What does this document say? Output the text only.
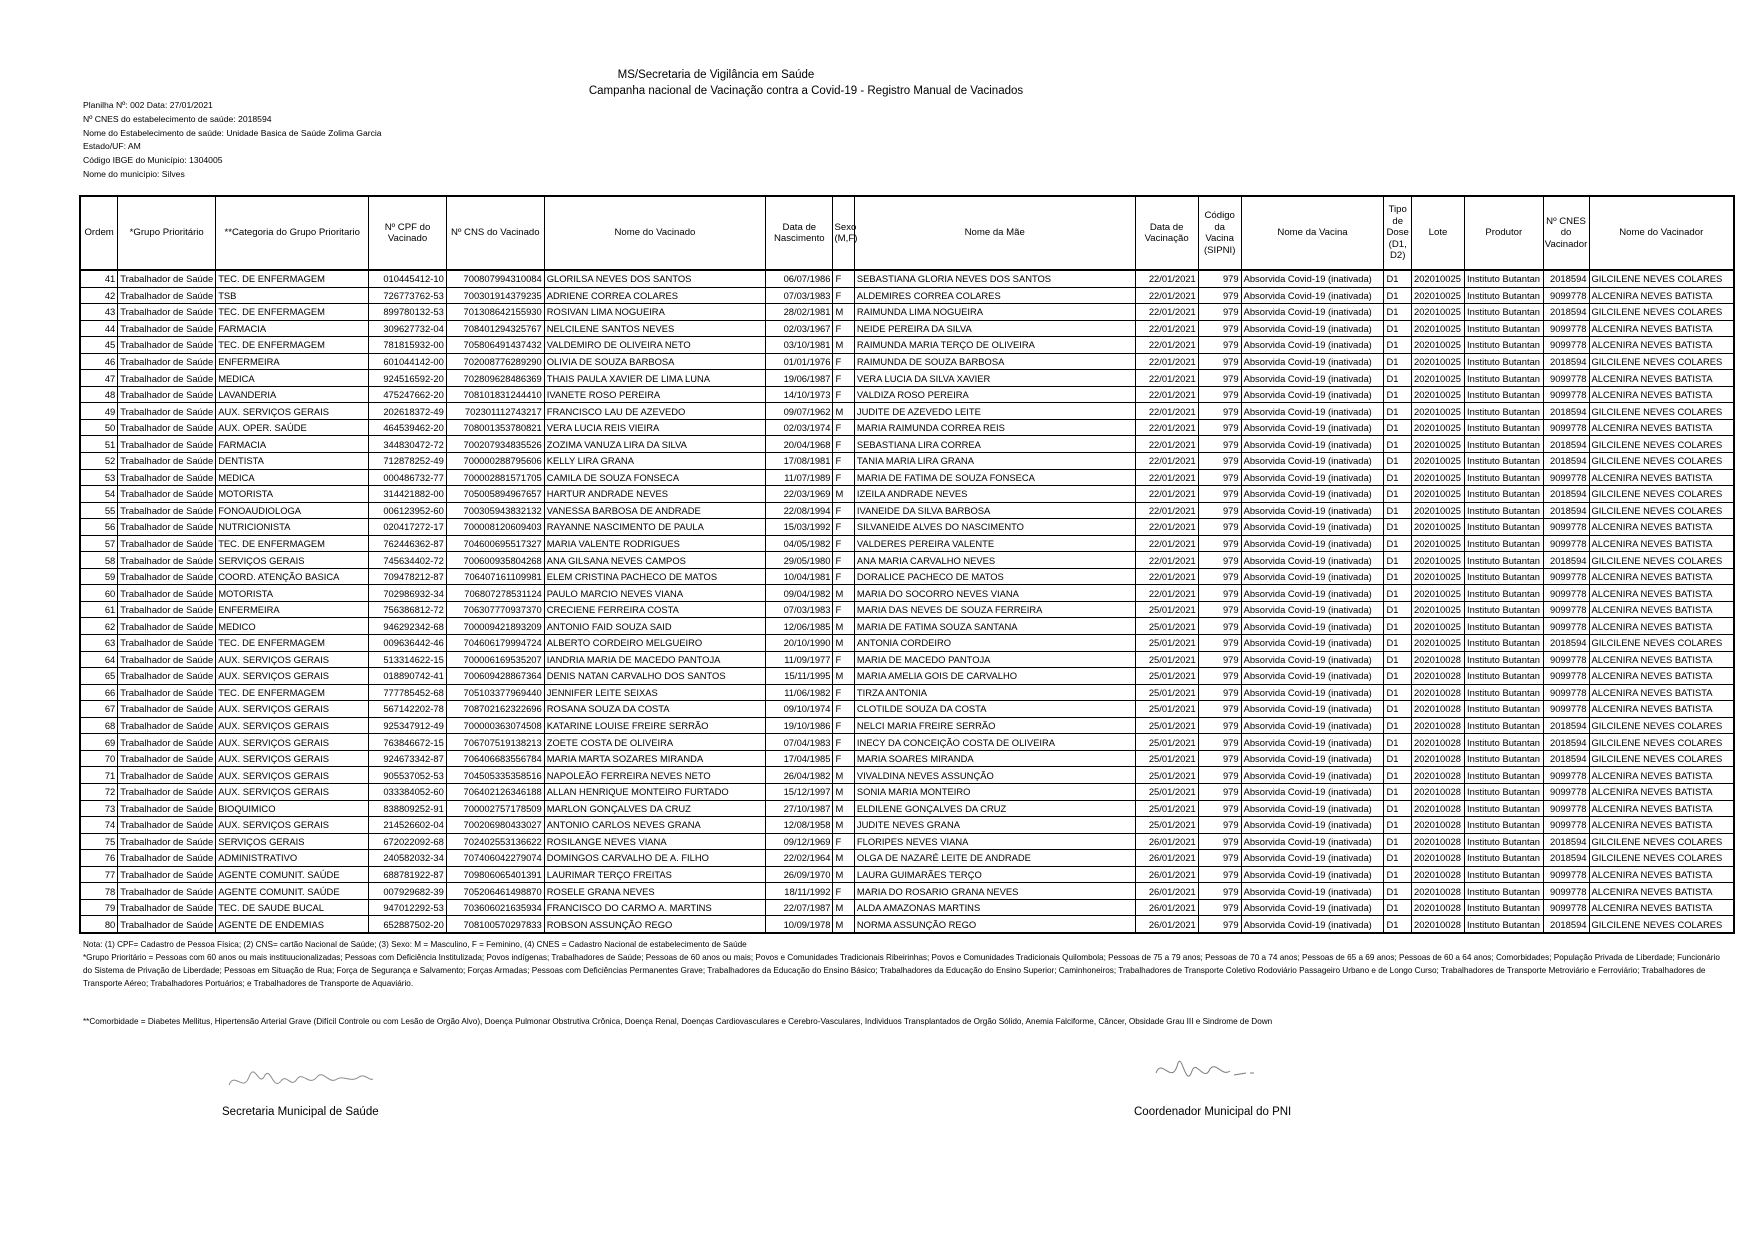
MS/Secretaria de Vigilância em Saúde
Campanha nacional de Vacinação contra a Covid-19 - Registro Manual de Vacinados
Planilha Nº: 002 Data: 27/01/2021
Nº CNES do estabelecimento de saúde: 2018594
Nome do Estabelecimento de saúde: Unidade Basica de Saúde Zolima Garcia
Estado/UF: AM
Código IBGE do Município: 1304005
Nome do município: Silves
Ordem	*Grupo Prioritário	**Categoria do Grupo Prioritario	Nº CPF do Vacinado	Nº CNS do Vacinado	Nome do Vacinado	Data de Nascimento	Sexo (M,F)	Nome da Mãe	Data de Vacinação	Código da Vacina (SIPNI)	Nome da Vacina	Tipo de Dose (D1, D2)	Lote	Produtor	Nº CNES do Vacinador	Nome do Vacinador
41	Trabalhador de Saúde	TEC. DE ENFERMAGEM	010445412-10	700807994310084	GLORILSA NEVES DOS SANTOS	06/07/1986	F	SEBASTIANA GLORIA NEVES DOS SANTOS	22/01/2021	979	Absorvida Covid-19 (inativada)	D1	202010025	Instituto Butantan	2018594	GILCILENE NEVES COLARES
42	Trabalhador de Saúde	TSB	726773762-53	700301914379235	ADRIENE CORREA COLARES	07/03/1983	F	ALDEMIRES CORREA COLARES	22/01/2021	979	Absorvida Covid-19 (inativada)	D1	202010025	Instituto Butantan	9099778	ALCENIRA NEVES BATISTA
43	Trabalhador de Saúde	TEC. DE ENFERMAGEM	899780132-53	701308642155930	ROSIVAN LIMA NOGUEIRA	28/02/1981	M	RAIMUNDA LIMA NOGUEIRA	22/01/2021	979	Absorvida Covid-19 (inativada)	D1	202010025	Instituto Butantan	2018594	GILCILENE NEVES COLARES
44	Trabalhador de Saúde	FARMACIA	309627732-04	708401294325767	NELCILENE SANTOS NEVES	02/03/1967	F	NEIDE PEREIRA DA SILVA	22/01/2021	979	Absorvida Covid-19 (inativada)	D1	202010025	Instituto Butantan	9099778	ALCENIRA NEVES BATISTA
45	Trabalhador de Saúde	TEC. DE ENFERMAGEM	781815932-00	705806491437432	VALDEMIRO DE OLIVEIRA NETO	03/10/1981	M	RAIMUNDA MARIA TERÇO DE OLIVEIRA	22/01/2021	979	Absorvida Covid-19 (inativada)	D1	202010025	Instituto Butantan	9099778	ALCENIRA NEVES BATISTA
46	Trabalhador de Saúde	ENFERMEIRA	601044142-00	702008776289290	OLIVIA DE SOUZA BARBOSA	01/01/1976	F	RAIMUNDA DE SOUZA BARBOSA	22/01/2021	979	Absorvida Covid-19 (inativada)	D1	202010025	Instituto Butantan	2018594	GILCILENE NEVES COLARES
47	Trabalhador de Saúde	MEDICA	924516592-20	702809628486369	THAIS PAULA XAVIER DE LIMA LUNA	19/06/1987	F	VERA LUCIA DA SILVA XAVIER	22/01/2021	979	Absorvida Covid-19 (inativada)	D1	202010025	Instituto Butantan	9099778	ALCENIRA NEVES BATISTA
48	Trabalhador de Saúde	LAVANDERIA	475247662-20	708101831244410	IVANETE ROSO PEREIRA	14/10/1973	F	VALDIZA ROSO PEREIRA	22/01/2021	979	Absorvida Covid-19 (inativada)	D1	202010025	Instituto Butantan	9099778	ALCENIRA NEVES BATISTA
49	Trabalhador de Saúde	AUX. SERVIÇOS GERAIS	202618372-49	702301112743217	FRANCISCO LAU DE AZEVEDO	09/07/1962	M	JUDITE DE AZEVEDO LEITE	22/01/2021	979	Absorvida Covid-19 (inativada)	D1	202010025	Instituto Butantan	2018594	GILCILENE NEVES COLARES
50	Trabalhador de Saúde	AUX. OPER. SAÚDE	464539462-20	708001353780821	VERA LUCIA REIS VIEIRA	02/03/1974	F	MARIA RAIMUNDA CORREA REIS	22/01/2021	979	Absorvida Covid-19 (inativada)	D1	202010025	Instituto Butantan	9099778	ALCENIRA NEVES BATISTA
51	Trabalhador de Saúde	FARMACIA	344830472-72	700207934835526	ZOZIMA VANUZA LIRA DA SILVA	20/04/1968	F	SEBASTIANA LIRA CORREA	22/01/2021	979	Absorvida Covid-19 (inativada)	D1	202010025	Instituto Butantan	2018594	GILCILENE NEVES COLARES
52	Trabalhador de Saúde	DENTISTA	712878252-49	700000288795606	KELLY LIRA GRANA	17/08/1981	F	TANIA MARIA LIRA GRANA	22/01/2021	979	Absorvida Covid-19 (inativada)	D1	202010025	Instituto Butantan	2018594	GILCILENE NEVES COLARES
53	Trabalhador de Saúde	MEDICA	000486732-77	700002881571705	CAMILA DE SOUZA FONSECA	11/07/1989	F	MARIA DE FATIMA DE SOUZA FONSECA	22/01/2021	979	Absorvida Covid-19 (inativada)	D1	202010025	Instituto Butantan	9099778	ALCENIRA NEVES BATISTA
54	Trabalhador de Saúde	MOTORISTA	314421882-00	705005894967657	HARTUR ANDRADE NEVES	22/03/1969	M	IZEILA ANDRADE NEVES	22/01/2021	979	Absorvida Covid-19 (inativada)	D1	202010025	Instituto Butantan	2018594	GILCILENE NEVES COLARES
55	Trabalhador de Saúde	FONOAUDIOLOGA	006123952-60	700305943832132	VANESSA BARBOSA DE ANDRADE	22/08/1994	F	IVANEIDE DA SILVA BARBOSA	22/01/2021	979	Absorvida Covid-19 (inativada)	D1	202010025	Instituto Butantan	2018594	GILCILENE NEVES COLARES
56	Trabalhador de Saúde	NUTRICIONISTA	020417272-17	700008120609403	RAYANNE NASCIMENTO DE PAULA	15/03/1992	F	SILVANEIDE ALVES DO NASCIMENTO	22/01/2021	979	Absorvida Covid-19 (inativada)	D1	202010025	Instituto Butantan	9099778	ALCENIRA NEVES BATISTA
57	Trabalhador de Saúde	TEC. DE ENFERMAGEM	762446362-87	704600695517327	MARIA VALENTE RODRIGUES	04/05/1982	F	VALDERES PEREIRA VALENTE	22/01/2021	979	Absorvida Covid-19 (inativada)	D1	202010025	Instituto Butantan	9099778	ALCENIRA NEVES BATISTA
58	Trabalhador de Saúde	SERVIÇOS GERAIS	745634402-72	700600935804268	ANA GILSANA NEVES CAMPOS	29/05/1980	F	ANA MARIA CARVALHO NEVES	22/01/2021	979	Absorvida Covid-19 (inativada)	D1	202010025	Instituto Butantan	2018594	GILCILENE NEVES COLARES
59	Trabalhador de Saúde	COORD. ATENÇÃO BASICA	709478212-87	706407161109981	ELEM CRISTINA PACHECO DE MATOS	10/04/1981	F	DORALICE PACHECO DE MATOS	22/01/2021	979	Absorvida Covid-19 (inativada)	D1	202010025	Instituto Butantan	9099778	ALCENIRA NEVES BATISTA
60	Trabalhador de Saúde	MOTORISTA	702986932-34	706807278531124	PAULO MARCIO NEVES VIANA	09/04/1982	M	MARIA DO SOCORRO NEVES VIANA	22/01/2021	979	Absorvida Covid-19 (inativada)	D1	202010025	Instituto Butantan	9099778	ALCENIRA NEVES BATISTA
61	Trabalhador de Saúde	ENFERMEIRA	756386812-72	706307770937370	CRECIENE FERREIRA COSTA	07/03/1983	F	MARIA DAS NEVES DE SOUZA FERREIRA	25/01/2021	979	Absorvida Covid-19 (inativada)	D1	202010025	Instituto Butantan	9099778	ALCENIRA NEVES BATISTA
62	Trabalhador de Saúde	MEDICO	946292342-68	700009421893209	ANTONIO FAID SOUZA SAID	12/06/1985	M	MARIA DE FATIMA SOUZA SANTANA	25/01/2021	979	Absorvida Covid-19 (inativada)	D1	202010025	Instituto Butantan	9099778	ALCENIRA NEVES BATISTA
63	Trabalhador de Saúde	TEC. DE ENFERMAGEM	009636442-46	704606179994724	ALBERTO CORDEIRO MELGUEIRO	20/10/1990	M	ANTONIA CORDEIRO	25/01/2021	979	Absorvida Covid-19 (inativada)	D1	202010025	Instituto Butantan	2018594	GILCILENE NEVES COLARES
64	Trabalhador de Saúde	AUX. SERVIÇOS GERAIS	513314622-15	700006169535207	IANDRIA MARIA DE MACEDO PANTOJA	11/09/1977	F	MARIA DE MACEDO PANTOJA	25/01/2021	979	Absorvida Covid-19 (inativada)	D1	202010028	Instituto Butantan	9099778	ALCENIRA NEVES BATISTA
65	Trabalhador de Saúde	AUX. SERVIÇOS GERAIS	018890742-41	700609428867364	DENIS NATAN CARVALHO DOS SANTOS	15/11/1995	M	MARIA AMELIA GOIS DE CARVALHO	25/01/2021	979	Absorvida Covid-19 (inativada)	D1	202010028	Instituto Butantan	9099778	ALCENIRA NEVES BATISTA
66	Trabalhador de Saúde	TEC. DE ENFERMAGEM	777785452-68	705103377969440	JENNIFER LEITE SEIXAS	11/06/1982	F	TIRZA ANTONIA	25/01/2021	979	Absorvida Covid-19 (inativada)	D1	202010028	Instituto Butantan	9099778	ALCENIRA NEVES BATISTA
67	Trabalhador de Saúde	AUX. SERVIÇOS GERAIS	567142202-78	708702162322696	ROSANA SOUZA DA COSTA	09/10/1974	F	CLOTILDE SOUZA DA COSTA	25/01/2021	979	Absorvida Covid-19 (inativada)	D1	202010028	Instituto Butantan	9099778	ALCENIRA NEVES BATISTA
68	Trabalhador de Saúde	AUX. SERVIÇOS GERAIS	925347912-49	700000363074508	KATARINE LOUISE FREIRE SERRÃO	19/10/1986	F	NELCI MARIA FREIRE SERRÃO	25/01/2021	979	Absorvida Covid-19 (inativada)	D1	202010028	Instituto Butantan	2018594	GILCILENE NEVES COLARES
69	Trabalhador de Saúde	AUX. SERVIÇOS GERAIS	763846672-15	706707519138213	ZOETE COSTA DE OLIVEIRA	07/04/1983	F	INECY DA CONCEIÇÃO COSTA DE OLIVEIRA	25/01/2021	979	Absorvida Covid-19 (inativada)	D1	202010028	Instituto Butantan	2018594	GILCILENE NEVES COLARES
70	Trabalhador de Saúde	AUX. SERVIÇOS GERAIS	924673342-87	706406683556784	MARIA MARTA SOZARES MIRANDA	17/04/1985	F	MARIA SOARES MIRANDA	25/01/2021	979	Absorvida Covid-19 (inativada)	D1	202010028	Instituto Butantan	2018594	GILCILENE NEVES COLARES
71	Trabalhador de Saúde	AUX. SERVIÇOS GERAIS	905537052-53	704505335358516	NAPOLEÃO FERREIRA NEVES NETO	26/04/1982	M	VIVALDINA NEVES ASSUNÇÃO	25/01/2021	979	Absorvida Covid-19 (inativada)	D1	202010028	Instituto Butantan	9099778	ALCENIRA NEVES BATISTA
72	Trabalhador de Saúde	AUX. SERVIÇOS GERAIS	033384052-60	706402126346188	ALLAN HENRIQUE MONTEIRO FURTADO	15/12/1997	M	SONIA MARIA MONTEIRO	25/01/2021	979	Absorvida Covid-19 (inativada)	D1	202010028	Instituto Butantan	9099778	ALCENIRA NEVES BATISTA
73	Trabalhador de Saúde	BIOQUIMICO	838809252-91	700002757178509	MARLON GONÇALVES DA CRUZ	27/10/1987	M	ELDILENE GONÇALVES DA CRUZ	25/01/2021	979	Absorvida Covid-19 (inativada)	D1	202010028	Instituto Butantan	9099778	ALCENIRA NEVES BATISTA
74	Trabalhador de Saúde	AUX. SERVIÇOS GERAIS	214526602-04	700206980433027	ANTONIO CARLOS NEVES GRANA	12/08/1958	M	JUDITE NEVES GRANA	25/01/2021	979	Absorvida Covid-19 (inativada)	D1	202010028	Instituto Butantan	9099778	ALCENIRA NEVES BATISTA
75	Trabalhador de Saúde	SERVIÇOS GERAIS	672022092-68	702402553136622	ROSILANGE NEVES VIANA	09/12/1969	F	FLORIPES NEVES VIANA	26/01/2021	979	Absorvida Covid-19 (inativada)	D1	202010028	Instituto Butantan	2018594	GILCILENE NEVES COLARES
76	Trabalhador de Saúde	ADMINISTRATIVO	240582032-34	707406042279074	DOMINGOS CARVALHO DE A. FILHO	22/02/1964	M	OLGA DE NAZARÉ LEITE DE ANDRADE	26/01/2021	979	Absorvida Covid-19 (inativada)	D1	202010028	Instituto Butantan	2018594	GILCILENE NEVES COLARES
77	Trabalhador de Saúde	AGENTE COMUNIT. SAÚDE	688781922-87	709806065401391	LAURIMAR TERÇO FREITAS	26/09/1970	M	LAURA GUIMARÃES TERÇO	26/01/2021	979	Absorvida Covid-19 (inativada)	D1	202010028	Instituto Butantan	9099778	ALCENIRA NEVES BATISTA
78	Trabalhador de Saúde	AGENTE COMUNIT. SAÚDE	007929682-39	705206461498870	ROSELE GRANA NEVES	18/11/1992	F	MARIA DO ROSARIO GRANA NEVES	26/01/2021	979	Absorvida Covid-19 (inativada)	D1	202010028	Instituto Butantan	9099778	ALCENIRA NEVES BATISTA
79	Trabalhador de Saúde	TEC. DE SAUDE BUCAL	947012292-53	703606021635934	FRANCISCO DO CARMO A. MARTINS	22/07/1987	M	ALDA AMAZONAS MARTINS	26/01/2021	979	Absorvida Covid-19 (inativada)	D1	202010028	Instituto Butantan	9099778	ALCENIRA NEVES BATISTA
80	Trabalhador de Saúde	AGENTE DE ENDEMIAS	652887502-20	708100570297833	ROBSON ASSUNÇÃO REGO	10/09/1978	M	NORMA ASSUNÇÃO REGO	26/01/2021	979	Absorvida Covid-19 (inativada)	D1	202010028	Instituto Butantan	2018594	GILCILENE NEVES COLARES

Nota: (1) CPF= Cadastro de Pessoa Física; (2) CNS= cartão Nacional de Saúde; (3) Sexo: M = Masculino, F = Feminino, (4) CNES = Cadastro Nacional de estabelecimento de Saúde

*Grupo Prioritário = Pessoas com 60 anos ou mais instituucionalizadas; Pessoas com Deficiência Institulizada; Povos indígenas; Trabalhadores de Saúde; Pessoas de 60 anos ou mais; Povos e Comunidades Tradicionais Ribeirinhas; Povos e Comunidades Tradicionais Quilombola; Pessoas de 75 a 79 anos; Pessoas de 70 a 74 anos; Pessoas de 65 a 69 anos; Pessoas de 60 a 64 anos; Comorbidades; População Privada de Liberdade; Funcionário do Sistema de Privação de Liberdade; Pessoas em Situação de Rua; Força de Segurança e Salvamento; Forças Armadas; Pessoas com Deficiências Permanentes Grave; Trabalhadores da Educação do Ensino Básico; Trabalhadores da Educação do Ensino Superior; Caminhoneiros; Trabalhadores de Transporte Coletivo Rodoviário Passageiro Urbano e de Longo Curso; Trabalhadores de Transporte Metroviário e Ferroviário; Trabalhadores de Transporte Aéreo; Trabalhadores Portuários; e Trabalhadores de Transporte de Aquaviário.

**Comorbidade = Diabetes Mellitus, Hipertensão Arterial Grave (Difícil Controle ou com Lesão de Orgão Alvo), Doença Pulmonar Obstrutiva Crônica, Doença Renal, Doenças Cardiovasculares e Cerebro-Vasculares, Individuos Transplantados de Orgão Sólido, Anemia Falciforme, Câncer, Obsidade Grau III e Sindrome de Down
Secretaria Municipal de Saúde	Coordenador Municipal do PNI
